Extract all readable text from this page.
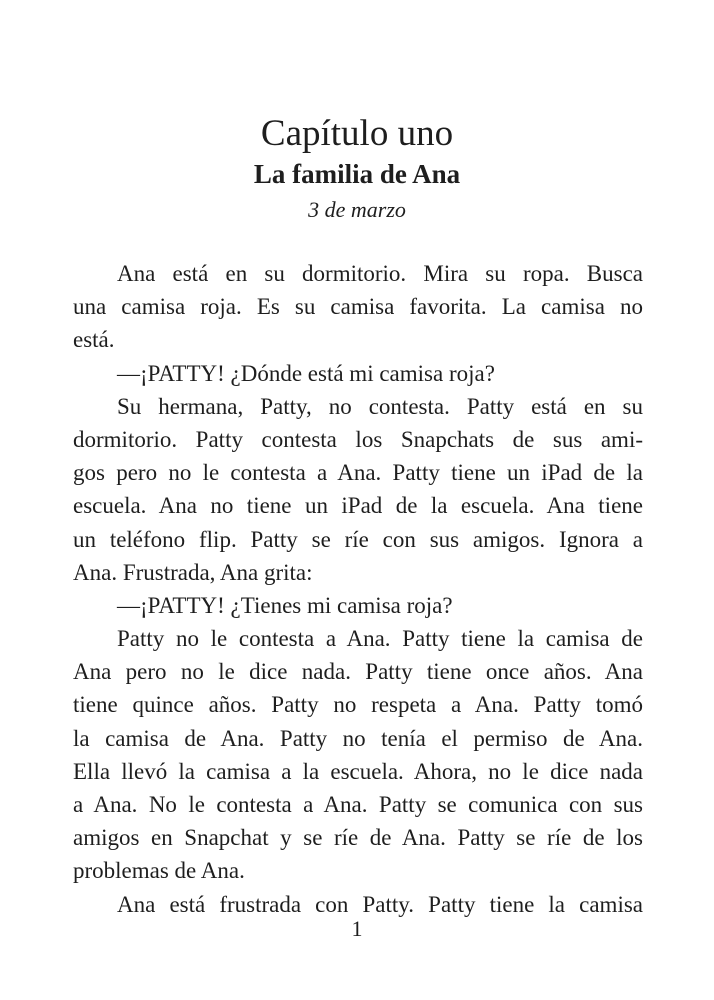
Capítulo uno
La familia de Ana
3 de marzo
Ana está en su dormitorio. Mira su ropa. Busca
una camisa roja. Es su camisa favorita. La camisa no
está.
—¡PATTY! ¿Dónde está mi camisa roja?
Su hermana, Patty, no contesta. Patty está en su
dormitorio. Patty contesta los Snapchats de sus ami-
gos pero no le contesta a Ana. Patty tiene un iPad de la
escuela. Ana no tiene un iPad de la escuela. Ana tiene
un teléfono flip. Patty se ríe con sus amigos. Ignora a
Ana. Frustrada, Ana grita:
—¡PATTY! ¿Tienes mi camisa roja?
Patty no le contesta a Ana. Patty tiene la camisa de
Ana pero no le dice nada. Patty tiene once años. Ana
tiene quince años. Patty no respeta a Ana. Patty tomó
la camisa de Ana. Patty no tenía el permiso de Ana.
Ella llevó la camisa a la escuela. Ahora, no le dice nada
a Ana. No le contesta a Ana. Patty se comunica con sus
amigos en Snapchat y se ríe de Ana. Patty se ríe de los
problemas de Ana.
Ana está frustrada con Patty. Patty tiene la camisa
1
